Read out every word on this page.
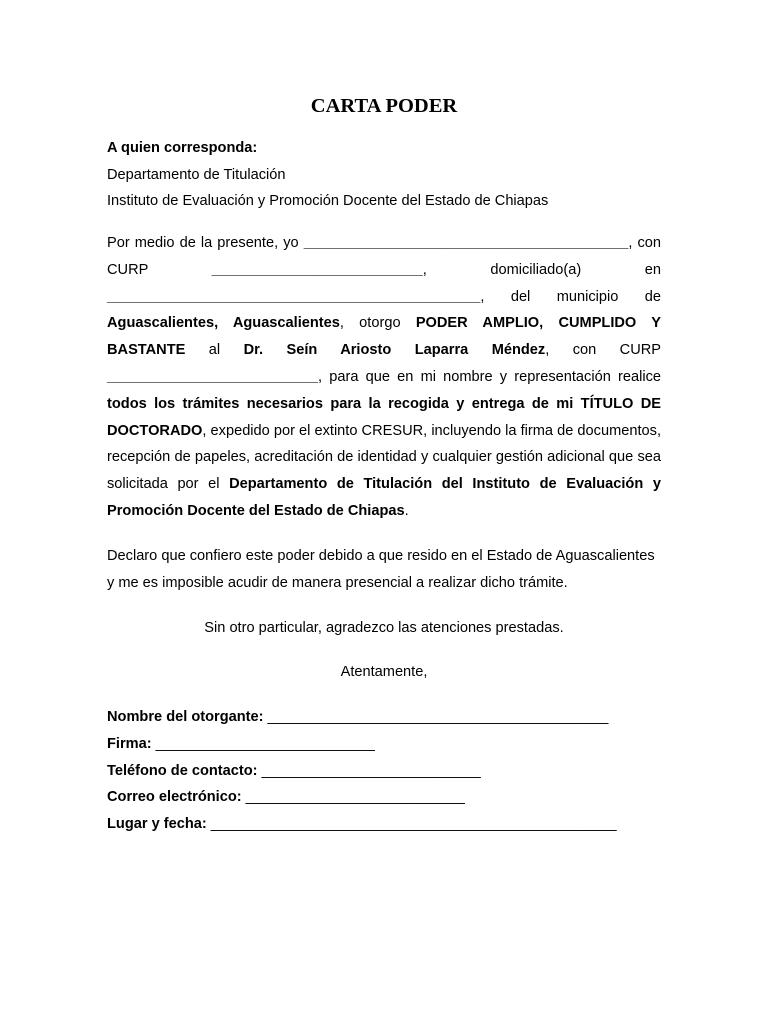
CARTA PODER
A quien corresponda:
Departamento de Titulación
Instituto de Evaluación y Promoción Docente del Estado de Chiapas

Por medio de la presente, yo ________________________________________, con CURP __________________________, domiciliado(a) en ______________________________________________, del municipio de Aguascalientes, Aguascalientes, otorgo PODER AMPLIO, CUMPLIDO Y BASTANTE al Dr. Seín Ariosto Laparra Méndez, con CURP __________________________, para que en mi nombre y representación realice todos los trámites necesarios para la recogida y entrega de mi TÍTULO DE DOCTORADO, expedido por el extinto CRESUR, incluyendo la firma de documentos, recepción de papeles, acreditación de identidad y cualquier gestión adicional que sea solicitada por el Departamento de Titulación del Instituto de Evaluación y Promoción Docente del Estado de Chiapas.

Declaro que confiero este poder debido a que resido en el Estado de Aguascalientes y me es imposible acudir de manera presencial a realizar dicho trámite.

Sin otro particular, agradezco las atenciones prestadas.

Atentamente,

Nombre del otorgante: __________________________________________
Firma: ___________________________
Teléfono de contacto: ___________________________
Correo electrónico: ___________________________
Lugar y fecha: __________________________________________________
